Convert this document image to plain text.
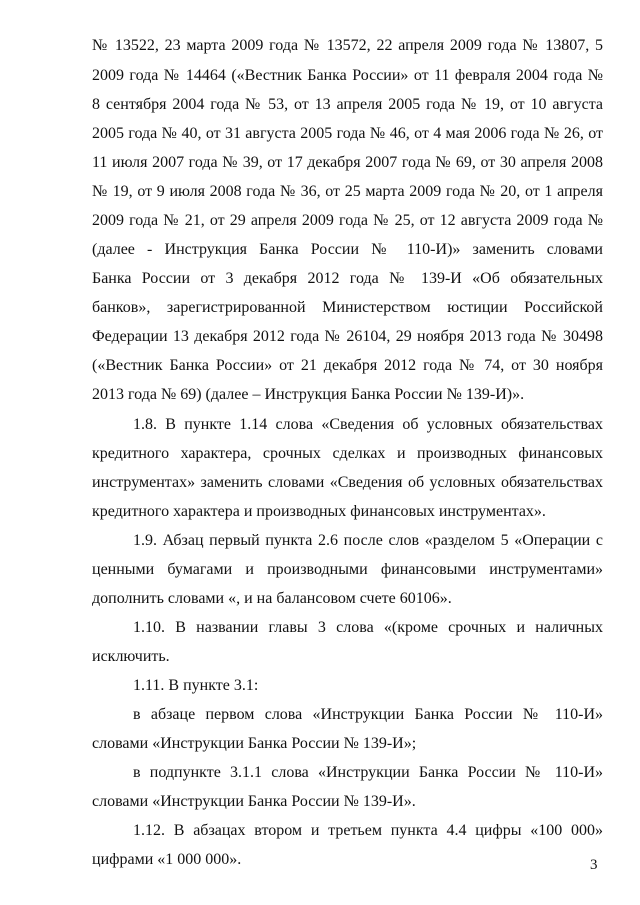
№ 13522, 23 марта 2009 года № 13572, 22 апреля 2009 года № 13807, 5
2009 года № 14464 («Вестник Банка России» от 11 февраля 2004 года №
8 сентября 2004 года № 53, от 13 апреля 2005 года № 19, от 10 августа
2005 года № 40, от 31 августа 2005 года № 46, от 4 мая 2006 года № 26, от
11 июля 2007 года № 39, от 17 декабря 2007 года № 69, от 30 апреля 2008
№ 19, от 9 июля 2008 года № 36, от 25 марта 2009 года № 20, от 1 апреля
2009 года № 21, от 29 апреля 2009 года № 25, от 12 августа 2009 года №
(далее - Инструкция Банка России № 110-И)» заменить словами
Банка России от 3 декабря 2012 года № 139-И «Об обязательных
банков», зарегистрированной Министерством юстиции Российской
Федерации 13 декабря 2012 года № 26104, 29 ноября 2013 года № 30498
(«Вестник Банка России» от 21 декабря 2012 года № 74, от 30 ноября
2013 года № 69) (далее – Инструкция Банка России № 139-И)».
1.8. В пункте 1.14 слова «Сведения об условных обязательствах
кредитного характера, срочных сделках и производных финансовых
инструментах» заменить словами «Сведения об условных обязательствах
кредитного характера и производных финансовых инструментах».
1.9. Абзац первый пункта 2.6 после слов «разделом 5 «Операции с
ценными бумагами и производными финансовыми инструментами»
дополнить словами «, и на балансовом счете 60106».
1.10. В названии главы 3 слова «(кроме срочных и наличных
исключить.
1.11. В пункте 3.1:
в абзаце первом слова «Инструкции Банка России № 110-И»
словами «Инструкции Банка России № 139-И»;
в подпункте 3.1.1 слова «Инструкции Банка России № 110-И»
словами «Инструкции Банка России № 139-И».
1.12. В абзацах втором и третьем пункта 4.4 цифры «100 000»
цифрами «1 000 000».	3
